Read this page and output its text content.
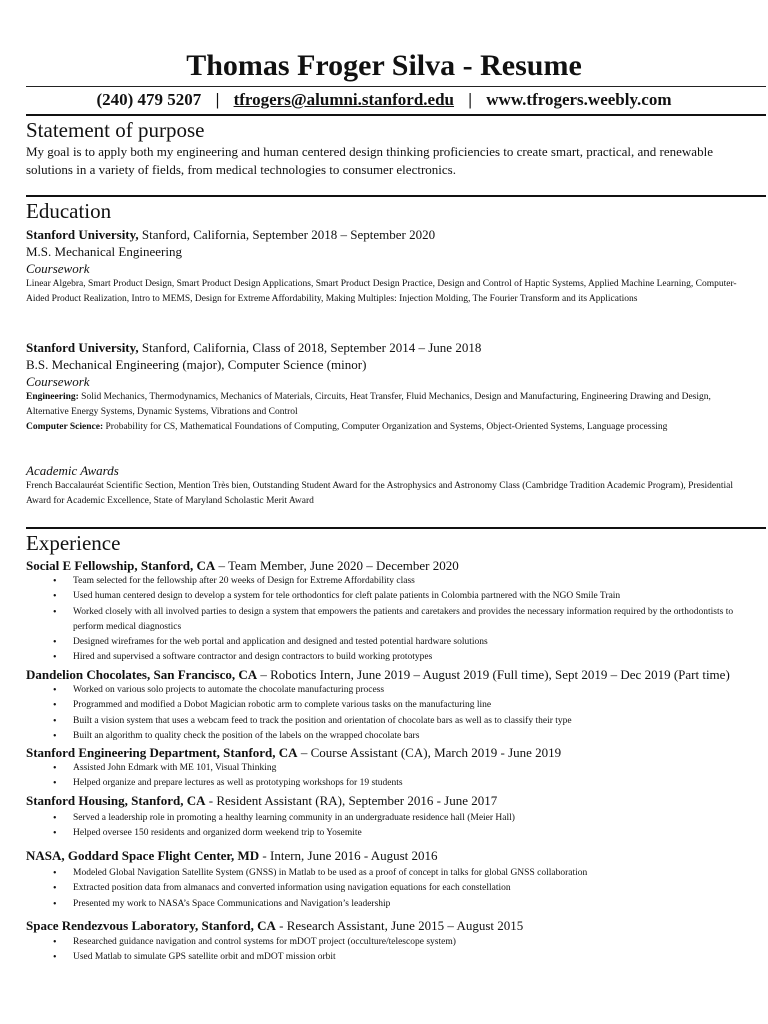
Thomas Froger Silva - Resume
(240) 479 5207 | tfrogers@alumni.stanford.edu | www.tfrogers.weebly.com
Statement of purpose
My goal is to apply both my engineering and human centered design thinking proficiencies to create smart, practical, and renewable solutions in a variety of fields, from medical technologies to consumer electronics.
Education
Stanford University, Stanford, California, September 2018 – September 2020
M.S. Mechanical Engineering
Coursework
Linear Algebra, Smart Product Design, Smart Product Design Applications, Smart Product Design Practice, Design and Control of Haptic Systems, Applied Machine Learning, Computer-Aided Product Realization, Intro to MEMS, Design for Extreme Affordability, Making Multiples: Injection Molding, The Fourier Transform and its Applications
Stanford University, Stanford, California, Class of 2018, September 2014 – June 2018
B.S. Mechanical Engineering (major), Computer Science (minor)
Coursework
Engineering: Solid Mechanics, Thermodynamics, Mechanics of Materials, Circuits, Heat Transfer, Fluid Mechanics, Design and Manufacturing, Engineering Drawing and Design, Alternative Energy Systems, Dynamic Systems, Vibrations and Control
Computer Science: Probability for CS, Mathematical Foundations of Computing, Computer Organization and Systems, Object-Oriented Systems, Language processing
Academic Awards
French Baccalauréat Scientific Section, Mention Très bien, Outstanding Student Award for the Astrophysics and Astronomy Class (Cambridge Tradition Academic Program), Presidential Award for Academic Excellence, State of Maryland Scholastic Merit Award
Experience
Social E Fellowship, Stanford, CA – Team Member, June 2020 – December 2020
• Team selected for the fellowship after 20 weeks of Design for Extreme Affordability class
• Used human centered design to develop a system for tele orthodontics for cleft palate patients in Colombia partnered with the NGO Smile Train
• Worked closely with all involved parties to design a system that empowers the patients and caretakers and provides the necessary information required by the orthodontists to perform medical diagnostics
• Designed wireframes for the web portal and application and designed and tested potential hardware solutions
• Hired and supervised a software contractor and design contractors to build working prototypes
Dandelion Chocolates, San Francisco, CA – Robotics Intern, June 2019 – August 2019 (Full time), Sept 2019 – Dec 2019 (Part time)
• Worked on various solo projects to automate the chocolate manufacturing process
• Programmed and modified a Dobot Magician robotic arm to complete various tasks on the manufacturing line
• Built a vision system that uses a webcam feed to track the position and orientation of chocolate bars as well as to classify their type
• Built an algorithm to quality check the position of the labels on the wrapped chocolate bars
Stanford Engineering Department, Stanford, CA – Course Assistant (CA), March 2019 - June 2019
• Assisted John Edmark with ME 101, Visual Thinking
• Helped organize and prepare lectures as well as prototyping workshops for 19 students
Stanford Housing, Stanford, CA - Resident Assistant (RA), September 2016 - June 2017
• Served a leadership role in promoting a healthy learning community in an undergraduate residence hall (Meier Hall)
• Helped oversee 150 residents and organized dorm weekend trip to Yosemite
NASA, Goddard Space Flight Center, MD - Intern, June 2016 - August 2016
• Modeled Global Navigation Satellite System (GNSS) in Matlab to be used as a proof of concept in talks for global GNSS collaboration
• Extracted position data from almanacs and converted information using navigation equations for each constellation
• Presented my work to NASA’s Space Communications and Navigation’s leadership
Space Rendezvous Laboratory, Stanford, CA - Research Assistant, June 2015 – August 2015
• Researched guidance navigation and control systems for mDOT project (occulture/telescope system)
• Used Matlab to simulate GPS satellite orbit and mDOT mission orbit
